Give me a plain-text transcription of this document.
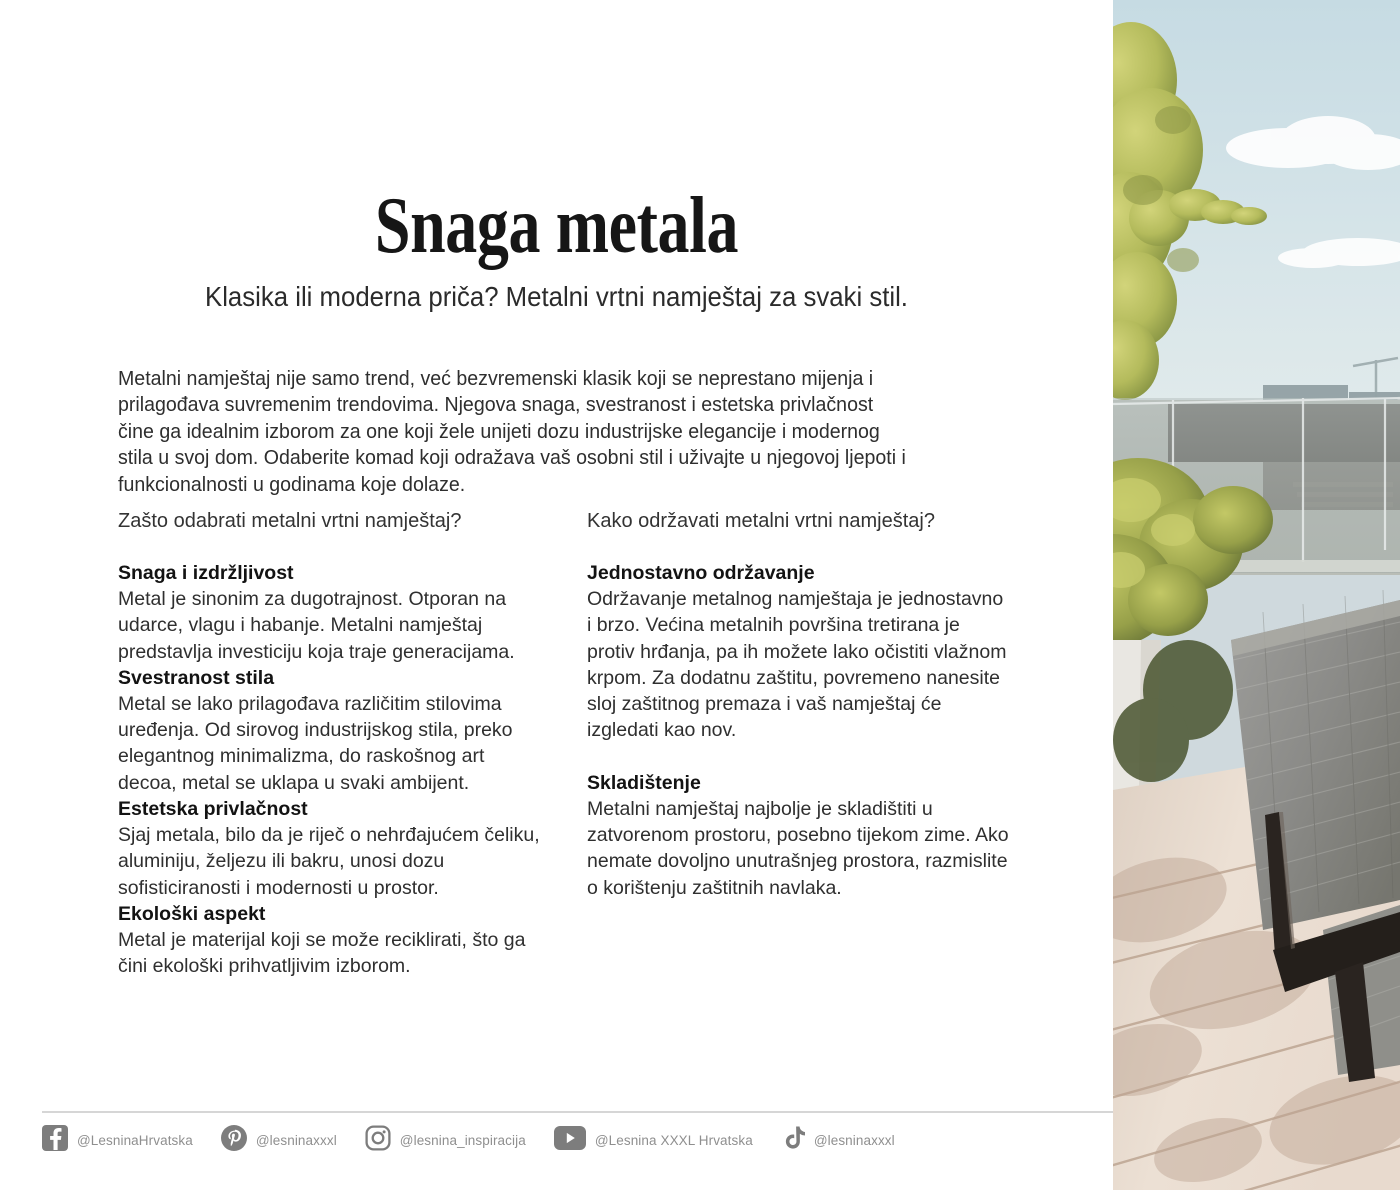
Snaga metala
Klasika ili moderna priča? Metalni vrtni namještaj za svaki stil.
Metalni namještaj nije samo trend, već bezvremenski klasik koji se neprestano mijenja i prilagođava suvremenim trendovima. Njegova snaga, svestranost i estetska privlačnost čine ga idealnim izborom za one koji žele unijeti dozu industrijske elegancije i modernog stila u svoj dom. Odaberite komad koji odražava vaš osobni stil i uživajte u njegovoj ljepoti i funkcionalnosti u godinama koje dolaze.

Zašto odabrati metalni vrtni namještaj?

Snaga i izdržljivost

Metal je sinonim za dugotrajnost. Otporan na udarce, vlagu i habanje. Metalni namještaj predstavlja investiciju koja traje generacijama.

Svestranost stila

Metal se lako prilagođava različitim stilovima uređenja. Od sirovog industrijskog stila, preko elegantnog minimalizma, do raskošnog art decoa, metal se uklapa u svaki ambijent.

Estetska privlačnost

Sjaj metala, bilo da je riječ o nehrđajućem čeliku, aluminiju, željezu ili bakru, unosi dozu sofisticiranosti i modernosti u prostor.

Ekološki aspekt

Metal je materijal koji se može reciklirati, što ga čini ekološki prihvatljivim izborom.

Kako održavati metalni vrtni namještaj?

Jednostavno održavanje

Održavanje metalnog namještaja je jednostavno i brzo. Većina metalnih površina tretirana je protiv hrđanja, pa ih možete lako očistiti vlažnom krpom. Za dodatnu zaštitu, povremeno nanesite sloj zaštitnog premaza i vaš namještaj će izgledati kao nov.

Skladištenje

Metalni namještaj najbolje je skladištiti u zatvorenom prostoru, posebno tijekom zime. Ako nemate dovoljno unutrašnjeg prostora, razmislite o korištenju zaštitnih navlaka.

@LesninaHrvatska	@lesninaxxxl	@lesnina_inspiracija	@Lesnina XXXL Hrvatska	@lesninaxxxl
